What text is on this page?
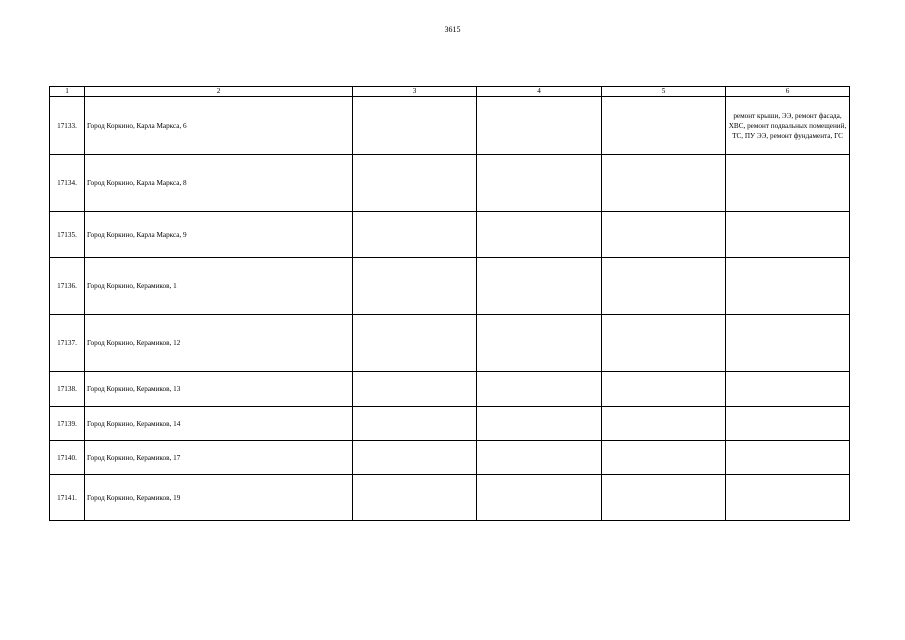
3615
1	2	3	4	5	6
17133.	Город Коркино, Карла Маркса, 6				ремонт крыши, ЭЭ, ремонт фасада, ХВС, ремонт подвальных помещений, ТС, ПУ ЭЭ, ремонт фундамента, ГС
17134.	Город Коркино, Карла Маркса, 8				
17135.	Город Коркино, Карла Маркса, 9				
17136.	Город Коркино, Керамиков, 1				
17137.	Город Коркино, Керамиков, 12				
17138.	Город Коркино, Керамиков, 13				
17139.	Город Коркино, Керамиков, 14				
17140.	Город Коркино, Керамиков, 17				
17141.	Город Коркино, Керамиков, 19				
